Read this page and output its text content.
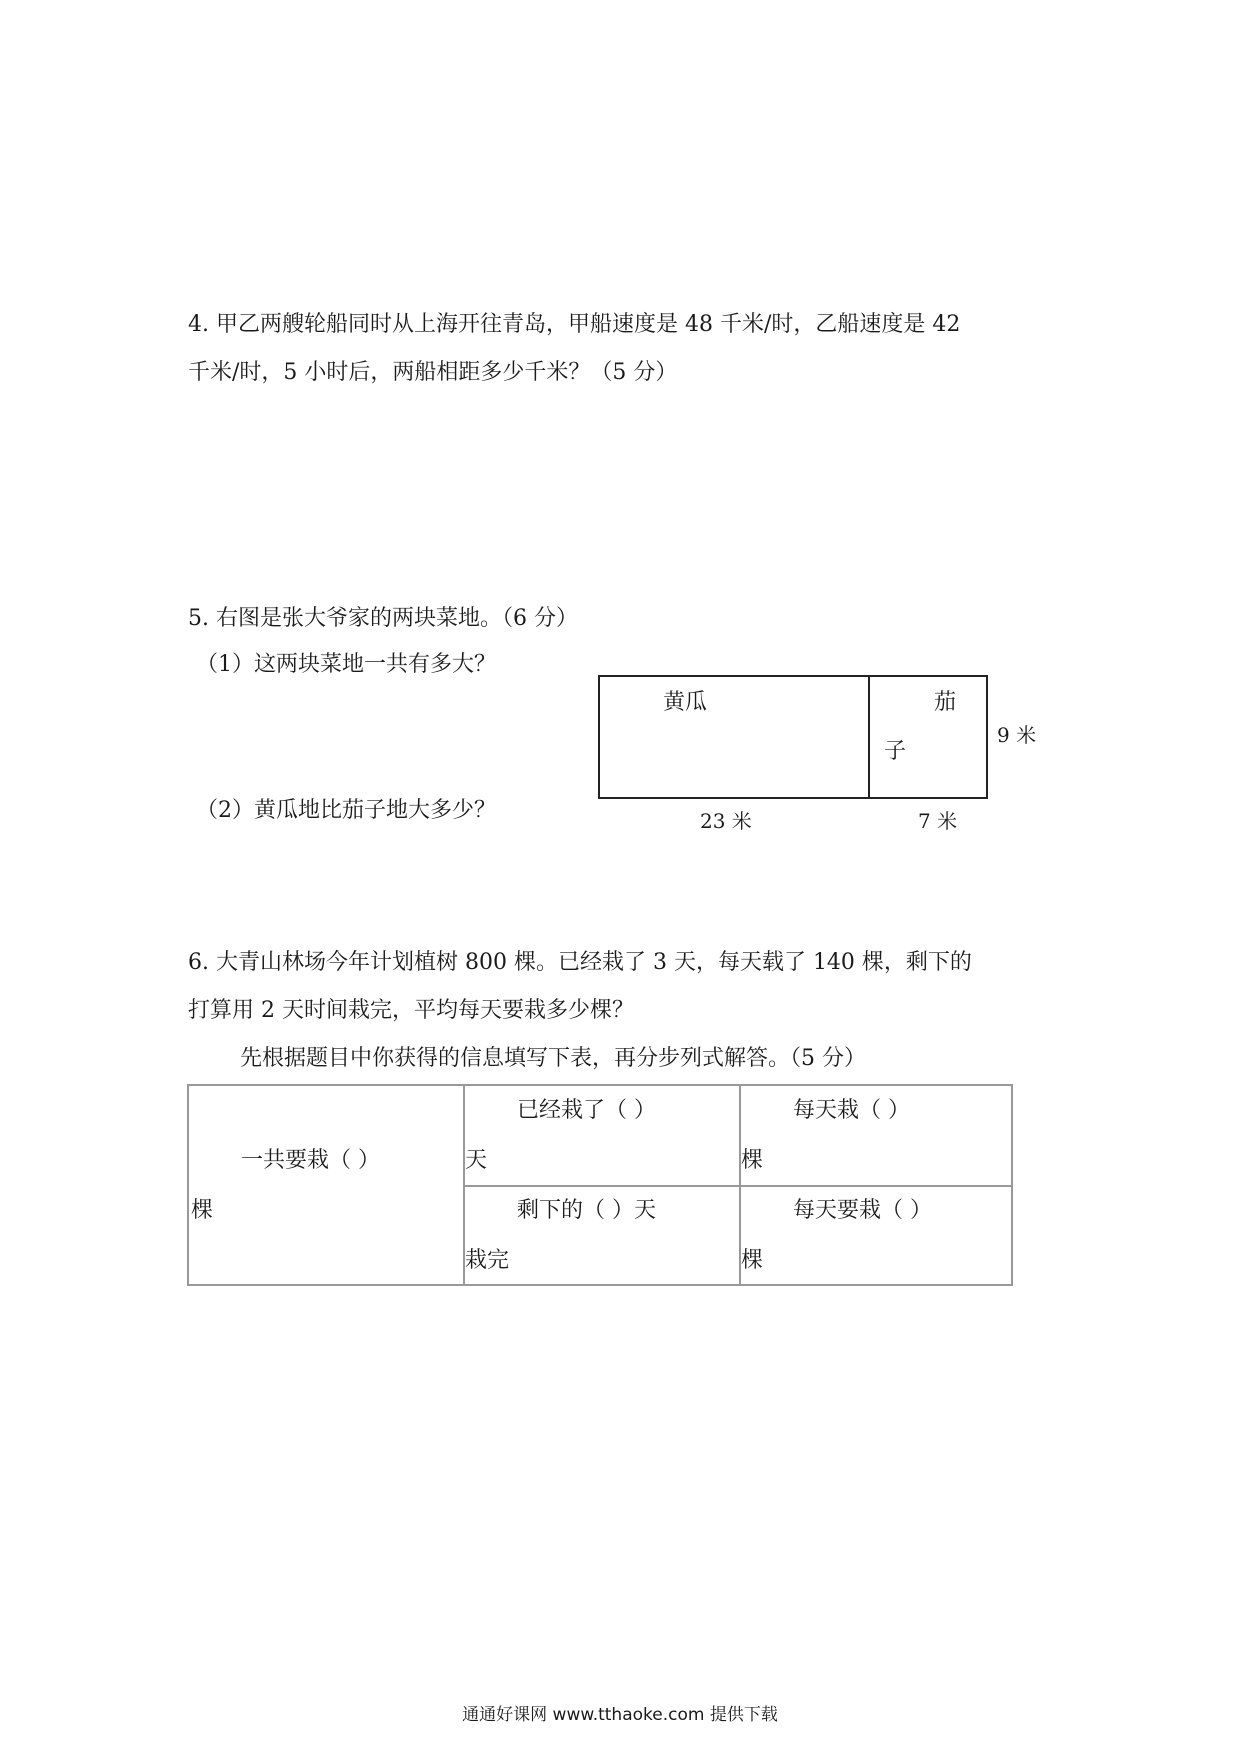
4. 甲乙两艘轮船同时从上海开往青岛，甲船速度是 48 千米/时，乙船速度是 42
千米/时，5 小时后，两船相距多少千米？（5 分）
5. 右图是张大爷家的两块菜地。（6 分）
（1）这两块菜地一共有多大？
（2）黄瓜地比茄子地大多少？
黄瓜	茄
子
9 米
23 米	7 米
6. 大青山林场今年计划植树 800 棵。已经栽了 3 天，每天载了 140 棵，剩下的
打算用 2 天时间栽完，平均每天要栽多少棵？
先根据题目中你获得的信息填写下表，再分步列式解答。（5 分）
一共要栽（ ）
棵
已经栽了（ ）
天
每天栽（ ）
棵
剩下的（ ）天
栽完
每天要栽（ ）
棵
通通好课网 www.tthaoke.com 提供下载
